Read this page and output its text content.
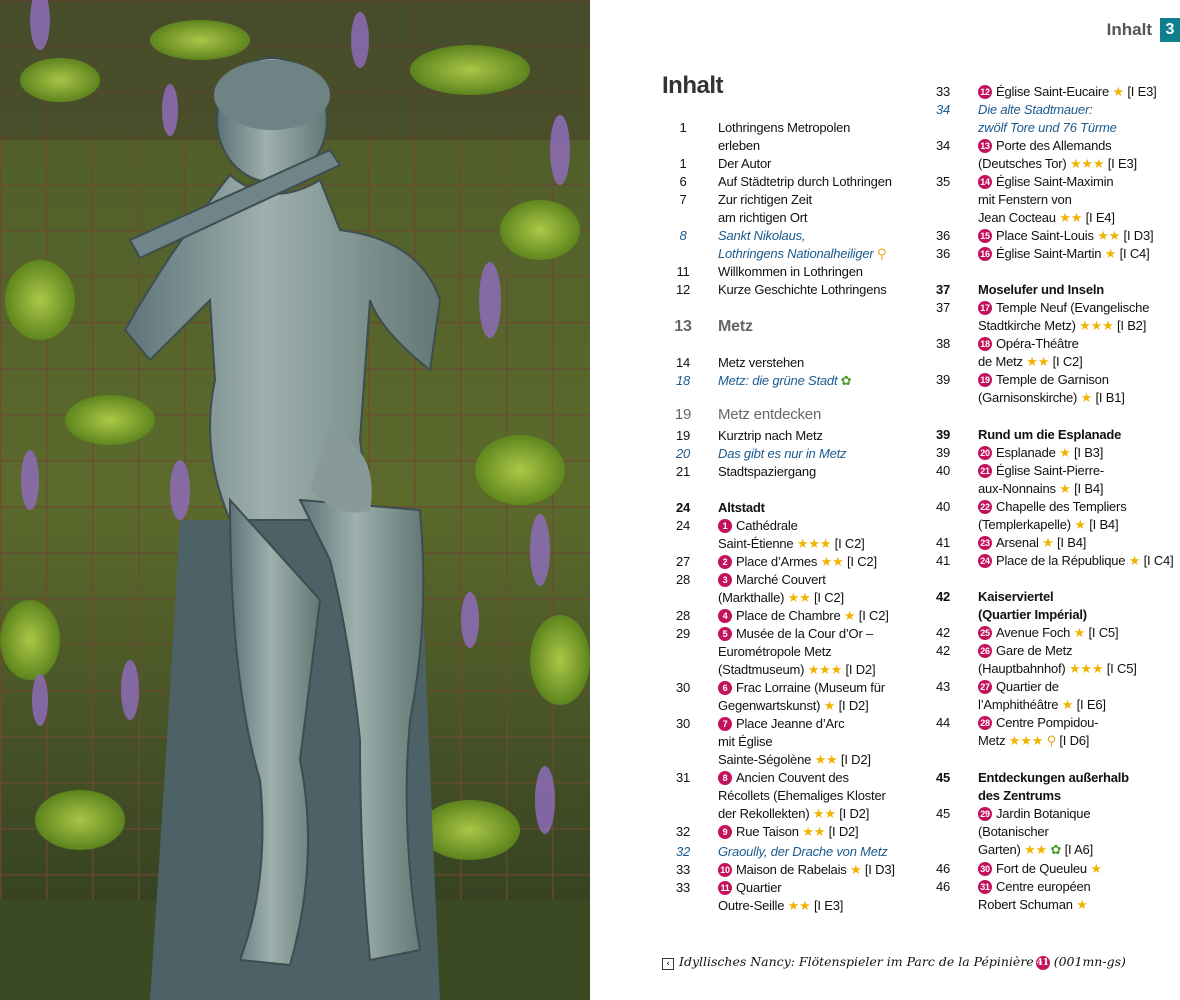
Inhalt 3
Inhalt
1 Lothringens Metropolen
erleben
1 Der Autor
6 Auf Städtetrip durch Lothringen
7 Zur richtigen Zeit
am richtigen Ort
8 Sankt Nikolaus,
Lothringens Nationalheiliger ⚲
11 Willkommen in Lothringen
12 Kurze Geschichte Lothringens
13 Metz
14 Metz verstehen
18 Metz: die grüne Stadt ✿
19 Metz entdecken
19 Kurztrip nach Metz
20 Das gibt es nur in Metz
21 Stadtspaziergang
24 Altstadt
24	1 Cathédrale
Saint-Étienne ★★★ [I C2]
27	2 Place d’Armes ★★ [I C2]
28	3 Marché Couvert
(Markthalle) ★★ [I C2]
28	4 Place de Chambre ★ [I C2]
29	5 Musée de la Cour d’Or –
Eurométropole Metz
(Stadtmuseum) ★★★ [I D2]
30	6 Frac Lorraine (Museum für
Gegenwartskunst) ★ [I D2]
30	7 Place Jeanne d’Arc
mit Église
Sainte-Ségolène ★★ [I D2]
31	8 Ancien Couvent des
Récollets (Ehemaliges Kloster
der Rekollekten) ★★ [I D2]
32	9 Rue Taison ★★ [I D2]
32 Graoully, der Drache von Metz
33	10 Maison de Rabelais ★ [I D3]
33	11 Quartier
Outre-Seille ★★ [I E3]
33	12 Église Saint-Eucaire ★ [I E3]
34 Die alte Stadtmauer:
zwölf Tore und 76 Türme
34	13 Porte des Allemands
(Deutsches Tor) ★★★ [I E3]
35	14 Église Saint-Maximin
mit Fenstern von
Jean Cocteau ★★ [I E4]
36	15 Place Saint-Louis ★★ [I D3]
36	16 Église Saint-Martin ★ [I C4]
37 Moselufer und Inseln
37	17 Temple Neuf (Evangelische
Stadtkirche Metz) ★★★ [I B2]
38	18 Opéra-Théâtre
de Metz ★★ [I C2]
39	19 Temple de Garnison
(Garnisonskirche) ★ [I B1]
39 Rund um die Esplanade
39	20 Esplanade ★ [I B3]
40	21 Église Saint-Pierre-
aux-Nonnains ★ [I B4]
40	22 Chapelle des Templiers
(Templerkapelle) ★ [I B4]
41	23 Arsenal ★ [I B4]
41	24 Place de la République ★ [I C4]
42 Kaiserviertel
(Quartier Impérial)
42	25 Avenue Foch ★ [I C5]
42	26 Gare de Metz
(Hauptbahnhof) ★★★ [I C5]
43	27 Quartier de
l’Amphithéâtre ★ [I E6]
44	28 Centre Pompidou-
Metz ★★★ ⚲ [I D6]
45 Entdeckungen außerhalb
des Zentrums
45	29 Jardin Botanique
(Botanischer
Garten) ★★ ✿ [I A6]
46	30 Fort de Queuleu ★
46	31 Centre européen
Robert Schuman ★
‹ Idyllisches Nancy: Flötenspieler im Parc de la Pépinière 41 (001mn-gs)
